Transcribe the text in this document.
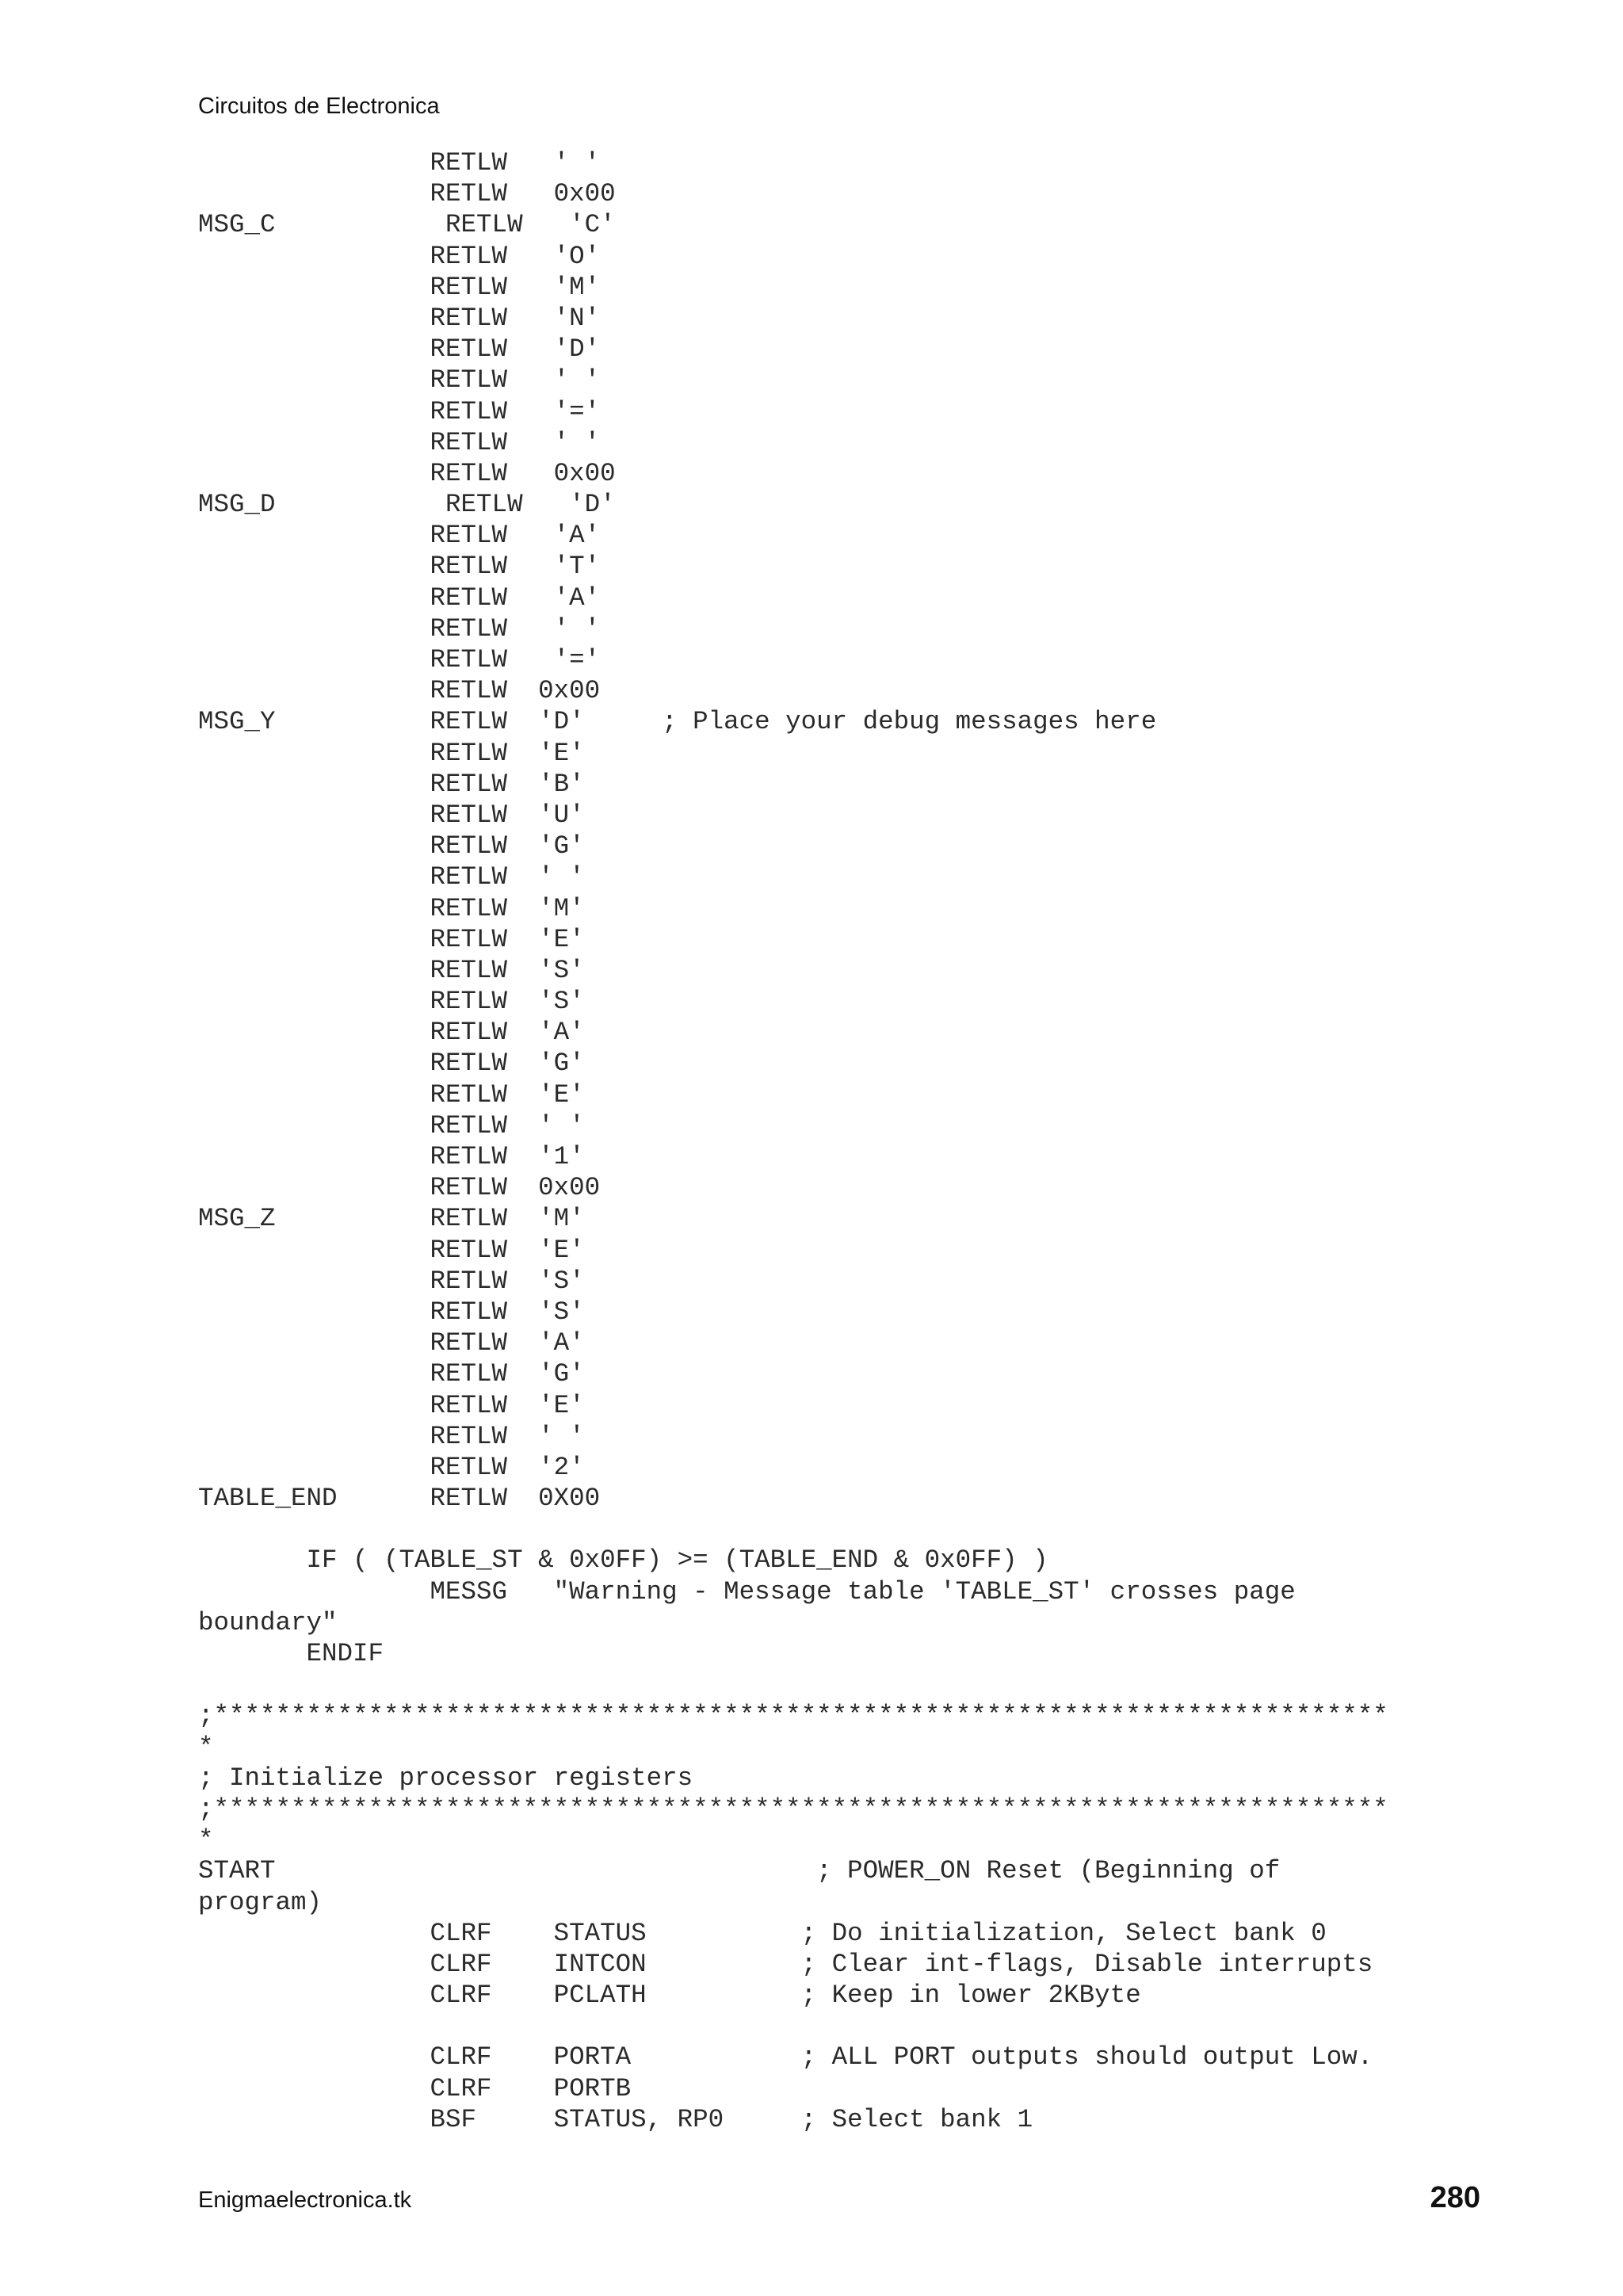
Circuitos de Electronica
RETLW   ' '
RETLW   0x00
MSG_C           RETLW   'C'
RETLW   'O'
RETLW   'M'
RETLW   'N'
RETLW   'D'
RETLW   ' '
RETLW   '='
RETLW   ' '
RETLW   0x00
MSG_D           RETLW   'D'
RETLW   'A'
RETLW   'T'
RETLW   'A'
RETLW   ' '
RETLW   '='
RETLW  0x00
MSG_Y          RETLW  'D'     ; Place your debug messages here
RETLW  'E'
RETLW  'B'
RETLW  'U'
RETLW  'G'
RETLW  ' '
RETLW  'M'
RETLW  'E'
RETLW  'S'
RETLW  'S'
RETLW  'A'
RETLW  'G'
RETLW  'E'
RETLW  ' '
RETLW  '1'
RETLW  0x00
MSG_Z          RETLW  'M'
RETLW  'E'
RETLW  'S'
RETLW  'S'
RETLW  'A'
RETLW  'G'
RETLW  'E'
RETLW  ' '
RETLW  '2'
TABLE_END      RETLW  0X00
IF ( (TABLE_ST & 0x0FF) >= (TABLE_END & 0x0FF) )
MESSG   "Warning - Message table 'TABLE_ST' crosses page
boundary"
ENDIF
;****************************************************************************
*
; Initialize processor registers
;****************************************************************************
*
START                                   ; POWER_ON Reset (Beginning of
program)
CLRF    STATUS          ; Do initialization, Select bank 0
CLRF    INTCON          ; Clear int-flags, Disable interrupts
CLRF    PCLATH          ; Keep in lower 2KByte
CLRF    PORTA           ; ALL PORT outputs should output Low.
CLRF    PORTB
BSF     STATUS, RP0     ; Select bank 1
Enigmaelectronica.tk	280
